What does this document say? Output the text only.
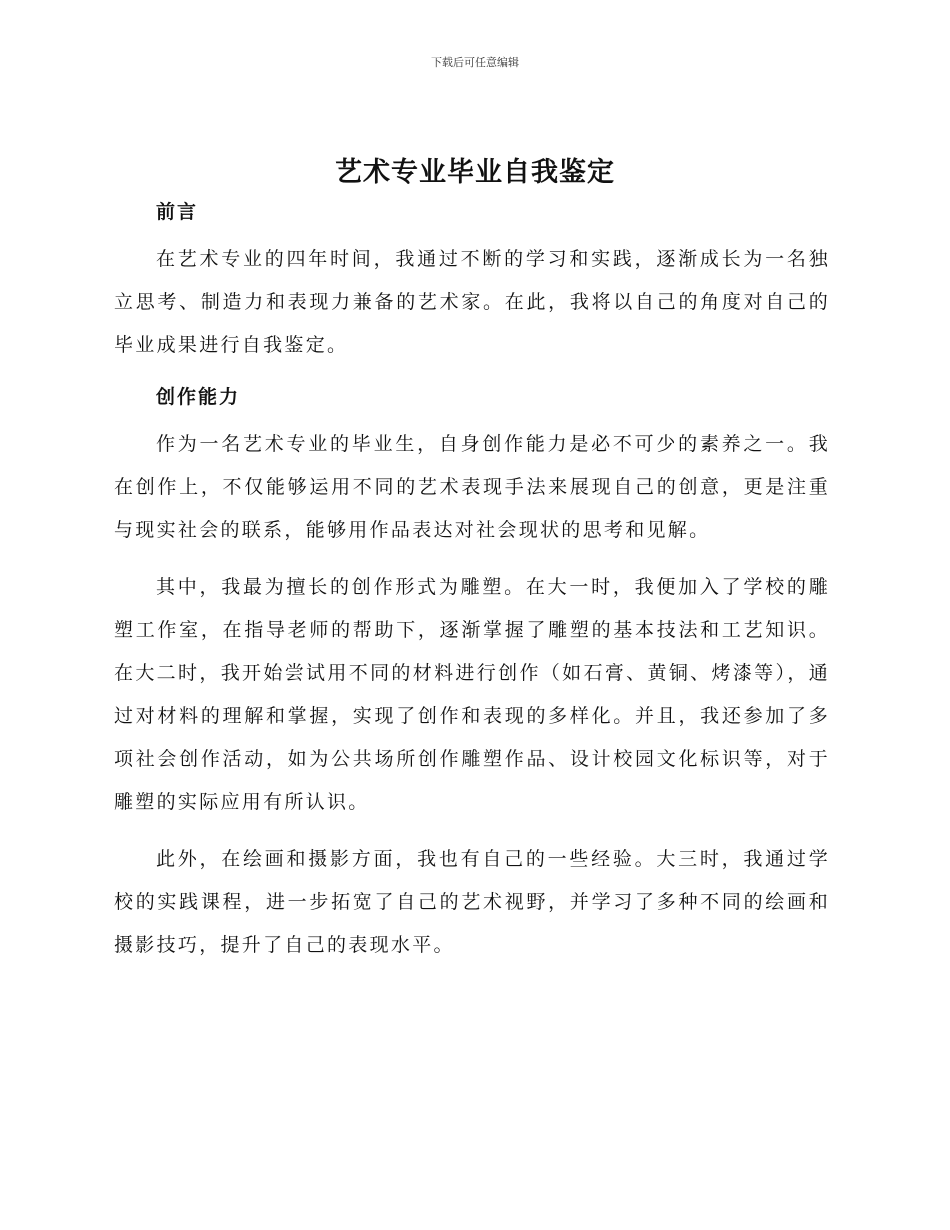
下载后可任意编辑
艺术专业毕业自我鉴定
前言

在艺术专业的四年时间，我通过不断的学习和实践，逐渐成长为一名独立思考、制造力和表现力兼备的艺术家。在此，我将以自己的角度对自己的毕业成果进行自我鉴定。

创作能力

作为一名艺术专业的毕业生，自身创作能力是必不可少的素养之一。我在创作上，不仅能够运用不同的艺术表现手法来展现自己的创意，更是注重与现实社会的联系，能够用作品表达对社会现状的思考和见解。

其中，我最为擅长的创作形式为雕塑。在大一时，我便加入了学校的雕塑工作室，在指导老师的帮助下，逐渐掌握了雕塑的基本技法和工艺知识。在大二时，我开始尝试用不同的材料进行创作（如石膏、黄铜、烤漆等），通过对材料的理解和掌握，实现了创作和表现的多样化。并且，我还参加了多项社会创作活动，如为公共场所创作雕塑作品、设计校园文化标识等，对于雕塑的实际应用有所认识。

此外，在绘画和摄影方面，我也有自己的一些经验。大三时，我通过学校的实践课程，进一步拓宽了自己的艺术视野，并学习了多种不同的绘画和摄影技巧，提升了自己的表现水平。
